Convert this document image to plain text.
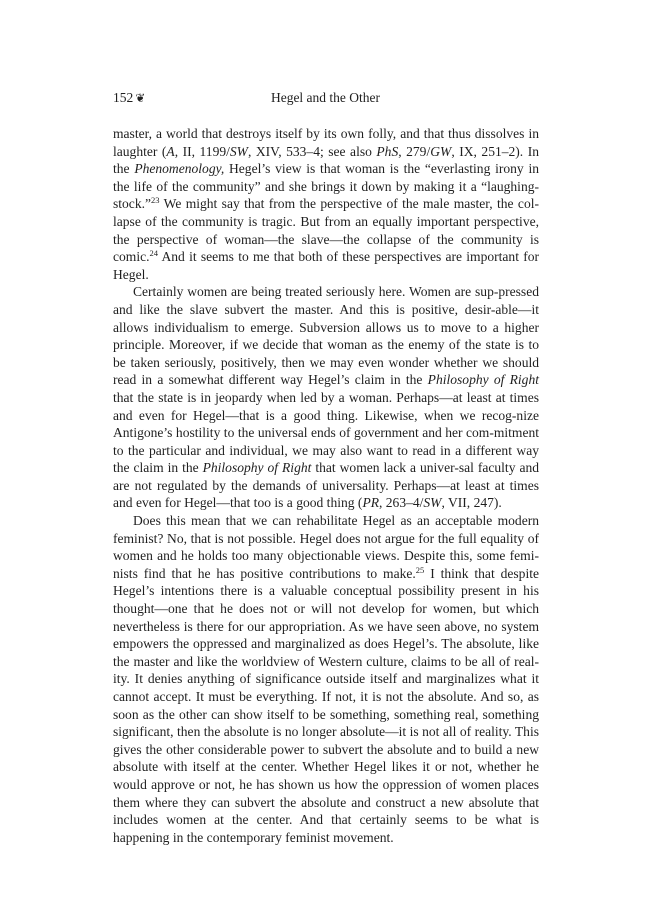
152 ❦	Hegel and the Other

master, a world that destroys itself by its own folly, and that thus dissolves in laughter (A, II, 1199/SW, XIV, 533–4; see also PhS, 279/GW, IX, 251–2). In the Phenomenology, Hegel’s view is that woman is the “everlasting irony in the life of the community” and she brings it down by making it a “laughing-stock.”$^{23}$ We might say that from the perspective of the male master, the col-lapse of the community is tragic. But from an equally important perspective, the perspective of woman—the slave—the collapse of the community is comic.$^{24}$ And it seems to me that both of these perspectives are important for Hegel.

Certainly women are being treated seriously here. Women are sup-pressed and like the slave subvert the master. And this is positive, desir-able—it allows individualism to emerge. Subversion allows us to move to a higher principle. Moreover, if we decide that woman as the enemy of the state is to be taken seriously, positively, then we may even wonder whether we should read in a somewhat different way Hegel’s claim in the Philosophy of Right that the state is in jeopardy when led by a woman. Perhaps—at least at times and even for Hegel—that is a good thing. Likewise, when we recog-nize Antigone’s hostility to the universal ends of government and her com-mitment to the particular and individual, we may also want to read in a different way the claim in the Philosophy of Right that women lack a univer-sal faculty and are not regulated by the demands of universality. Perhaps—at least at times and even for Hegel—that too is a good thing (PR, 263–4/SW, VII, 247).

Does this mean that we can rehabilitate Hegel as an acceptable modern feminist? No, that is not possible. Hegel does not argue for the full equality of women and he holds too many objectionable views. Despite this, some femi-nists find that he has positive contributions to make.$^{25}$ I think that despite Hegel’s intentions there is a valuable conceptual possibility present in his thought—one that he does not or will not develop for women, but which nevertheless is there for our appropriation. As we have seen above, no system empowers the oppressed and marginalized as does Hegel’s. The absolute, like the master and like the worldview of Western culture, claims to be all of real-ity. It denies anything of significance outside itself and marginalizes what it cannot accept. It must be everything. If not, it is not the absolute. And so, as soon as the other can show itself to be something, something real, something significant, then the absolute is no longer absolute—it is not all of reality. This gives the other considerable power to subvert the absolute and to build a new absolute with itself at the center. Whether Hegel likes it or not, whether he would approve or not, he has shown us how the oppression of women places them where they can subvert the absolute and construct a new absolute that includes women at the center. And that certainly seems to be what is happening in the contemporary feminist movement.
